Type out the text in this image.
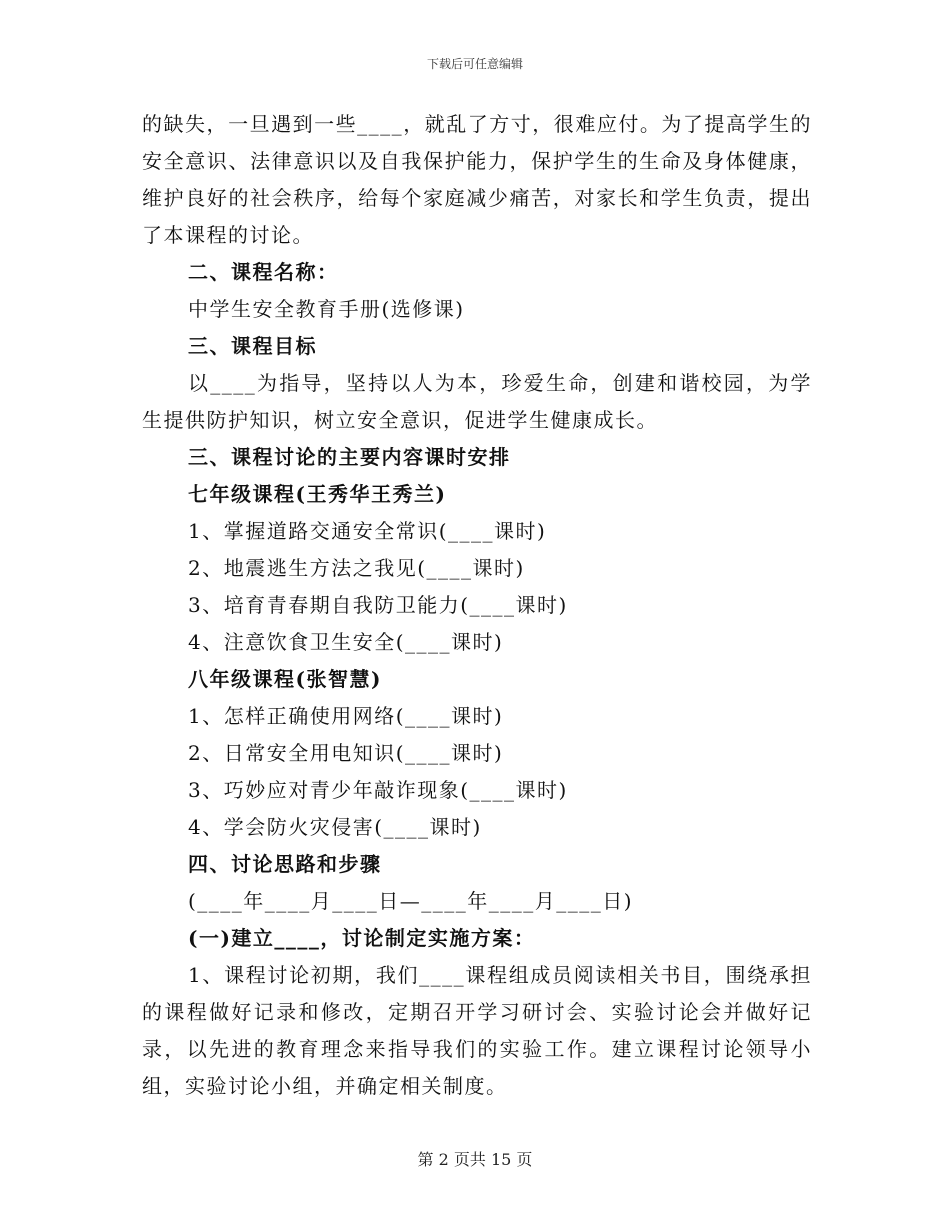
下载后可任意编辑

的缺失，一旦遇到一些____，就乱了方寸，很难应付。为了提高学生的安全意识、法律意识以及自我保护能力，保护学生的生命及身体健康，维护良好的社会秩序，给每个家庭减少痛苦，对家长和学生负责，提出了本课程的讨论。

二、课程名称：

中学生安全教育手册(选修课)

三、课程目标

以____为指导，坚持以人为本，珍爱生命，创建和谐校园，为学生提供防护知识，树立安全意识，促进学生健康成长。

三、课程讨论的主要内容课时安排

七年级课程(王秀华王秀兰)

1、掌握道路交通安全常识(____课时)

2、地震逃生方法之我见(____课时)

3、培育青春期自我防卫能力(____课时)

4、注意饮食卫生安全(____课时)

八年级课程(张智慧)

1、怎样正确使用网络(____课时)

2、日常安全用电知识(____课时)

3、巧妙应对青少年敲诈现象(____课时)

4、学会防火灾侵害(____课时)

四、讨论思路和步骤

(____年____月____日—____年____月____日)

(一)建立____，讨论制定实施方案：

1、课程讨论初期，我们____课程组成员阅读相关书目，围绕承担的课程做好记录和修改，定期召开学习研讨会、实验讨论会并做好记录，以先进的教育理念来指导我们的实验工作。建立课程讨论领导小组，实验讨论小组，并确定相关制度。

第 2 页共 15 页
